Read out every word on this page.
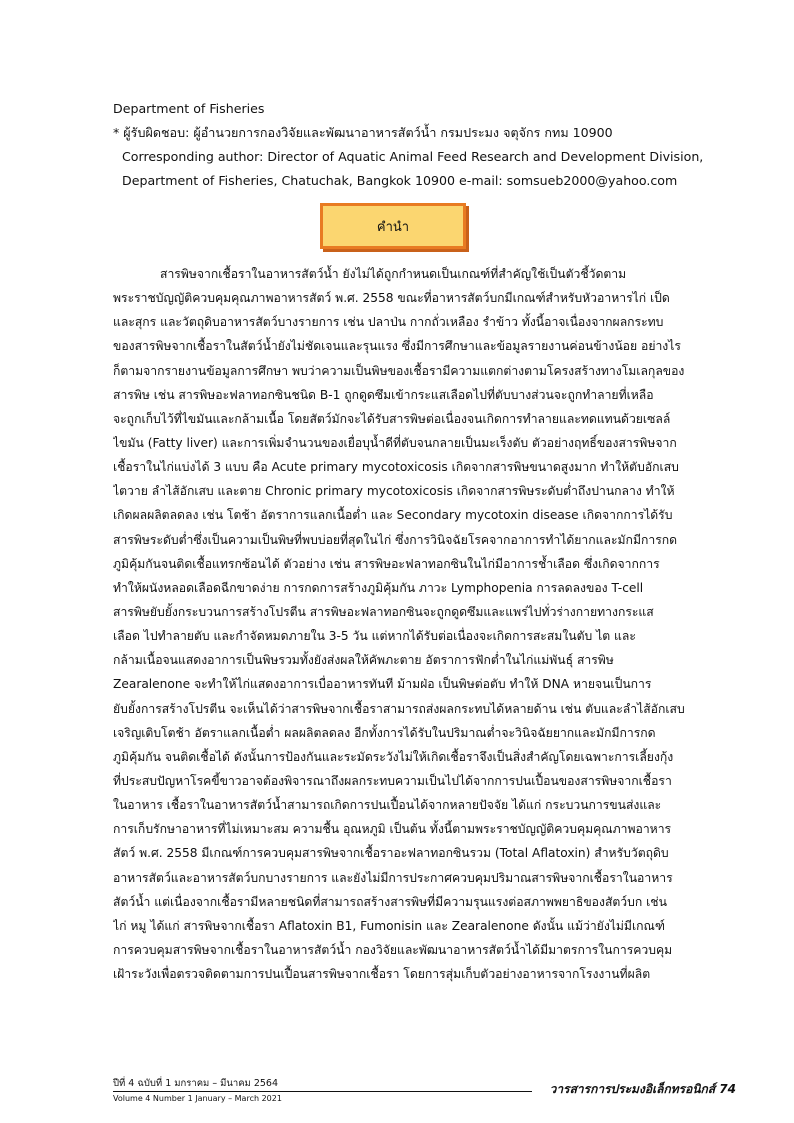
Department of Fisheries
* ผู้รับผิดชอบ: ผู้อำนวยการกองวิจัยและพัฒนาอาหารสัตว์น้ำ กรมประมง จตุจักร กทม 10900
Corresponding author: Director of Aquatic Animal Feed Research and Development Division,
Department of Fisheries, Chatuchak, Bangkok 10900 e-mail: somsueb2000@yahoo.com
คำนำ
สารพิษจากเชื้อราในอาหารสัตว์น้ำ ยังไม่ได้ถูกกำหนดเป็นเกณฑ์ที่สำคัญใช้เป็นตัวชี้วัดตาม
พระราชบัญญัติควบคุมคุณภาพอาหารสัตว์ พ.ศ. 2558 ขณะที่อาหารสัตว์บกมีเกณฑ์สำหรับหัวอาหารไก่ เป็ด
และสุกร และวัตถุดิบอาหารสัตว์บางรายการ เช่น ปลาป่น กากถั่วเหลือง รำข้าว ทั้งนี้อาจเนื่องจากผลกระทบ
ของสารพิษจากเชื้อราในสัตว์น้ำยังไม่ชัดเจนและรุนแรง ซึ่งมีการศึกษาและข้อมูลรายงานค่อนข้างน้อย อย่างไร
ก็ตามจากรายงานข้อมูลการศึกษา พบว่าความเป็นพิษของเชื้อรามีความแตกต่างตามโครงสร้างทางโมเลกุลของ
สารพิษ เช่น สารพิษอะฟลาทอกซินชนิด B-1 ถูกดูดซึมเข้ากระแสเลือดไปที่ตับบางส่วนจะถูกทำลายที่เหลือ
จะถูกเก็บไว้ที่ไขมันและกล้ามเนื้อ โดยสัตว์มักจะได้รับสารพิษต่อเนื่องจนเกิดการทำลายและทดแทนด้วยเซลล์
ไขมัน (Fatty liver) และการเพิ่มจำนวนของเยื่อบุน้ำดีที่ตับจนกลายเป็นมะเร็งตับ ตัวอย่างฤทธิ์ของสารพิษจาก
เชื้อราในไก่แบ่งได้ 3 แบบ คือ Acute primary mycotoxicosis เกิดจากสารพิษขนาดสูงมาก ทำให้ตับอักเสบ
ไตวาย ลำไส้อักเสบ และตาย Chronic primary mycotoxicosis เกิดจากสารพิษระดับต่ำถึงปานกลาง ทำให้
เกิดผลผลิตลดลง เช่น โตช้า อัตราการแลกเนื้อต่ำ และ Secondary mycotoxin disease เกิดจากการได้รับ
สารพิษระดับต่ำซึ่งเป็นความเป็นพิษที่พบบ่อยที่สุดในไก่ ซึ่งการวินิจฉัยโรคจากอาการทำได้ยากและมักมีการกด
ภูมิคุ้มกันจนติดเชื้อแทรกซ้อนได้ ตัวอย่าง เช่น สารพิษอะฟลาทอกซินในไก่มีอาการช้ำเลือด ซึ่งเกิดจากการ
ทำให้ผนังหลอดเลือดฉีกขาดง่าย การกดการสร้างภูมิคุ้มกัน ภาวะ Lymphopenia การลดลงของ T-cell
สารพิษยับยั้งกระบวนการสร้างโปรตีน สารพิษอะฟลาทอกซินจะถูกดูดซึมและแพร่ไปทั่วร่างกายทางกระแส
เลือด ไปทำลายตับ และกำจัดหมดภายใน 3-5 วัน แต่หากได้รับต่อเนื่องจะเกิดการสะสมในตับ ไต และ
กล้ามเนื้อจนแสดงอาการเป็นพิษรวมทั้งยังส่งผลให้คัพภะตาย อัตราการฟักต่ำในไก่แม่พันธุ์ สารพิษ
Zearalenone จะทำให้ไก่แสดงอาการเบื่ออาหารทันที ม้ามฝ่อ เป็นพิษต่อตับ ทำให้ DNA หายจนเป็นการ
ยับยั้งการสร้างโปรตีน จะเห็นได้ว่าสารพิษจากเชื้อราสามารถส่งผลกระทบได้หลายด้าน เช่น ตับและลำไส้อักเสบ
เจริญเติบโตช้า อัตราแลกเนื้อต่ำ ผลผลิตลดลง อีกทั้งการได้รับในปริมาณต่ำจะวินิจฉัยยากและมักมีการกด
ภูมิคุ้มกัน จนติดเชื้อได้ ดังนั้นการป้องกันและระมัดระวังไม่ให้เกิดเชื้อราจึงเป็นสิ่งสำคัญโดยเฉพาะการเลี้ยงกุ้ง
ที่ประสบปัญหาโรคขี้ขาวอาจต้องพิจารณาถึงผลกระทบความเป็นไปได้จากการปนเปื้อนของสารพิษจากเชื้อรา
ในอาหาร เชื้อราในอาหารสัตว์น้ำสามารถเกิดการปนเปื้อนได้จากหลายปัจจัย ได้แก่ กระบวนการขนส่งและ
การเก็บรักษาอาหารที่ไม่เหมาะสม ความชื้น อุณหภูมิ เป็นต้น ทั้งนี้ตามพระราชบัญญัติควบคุมคุณภาพอาหาร
สัตว์ พ.ศ. 2558 มีเกณฑ์การควบคุมสารพิษจากเชื้อราอะฟลาทอกซินรวม (Total Aflatoxin) สำหรับวัตถุดิบ
อาหารสัตว์และอาหารสัตว์บกบางรายการ และยังไม่มีการประกาศควบคุมปริมาณสารพิษจากเชื้อราในอาหาร
สัตว์น้ำ แต่เนื่องจากเชื้อรามีหลายชนิดที่สามารถสร้างสารพิษที่มีความรุนแรงต่อสภาพพยาธิของสัตว์บก เช่น
ไก่ หมู ได้แก่ สารพิษจากเชื้อรา Aflatoxin B1, Fumonisin และ Zearalenone ดังนั้น แม้ว่ายังไม่มีเกณฑ์
การควบคุมสารพิษจากเชื้อราในอาหารสัตว์น้ำ กองวิจัยและพัฒนาอาหารสัตว์น้ำได้มีมาตรการในการควบคุม
เฝ้าระวังเพื่อตรวจติดตามการปนเปื้อนสารพิษจากเชื้อรา โดยการสุ่มเก็บตัวอย่างอาหารจากโรงงานที่ผลิต
ปีที่ 4 ฉบับที่ 1 มกราคม – มีนาคม 2564
Volume 4 Number 1 January – March 2021
วารสารการประมงอิเล็กทรอนิกส์ 74
